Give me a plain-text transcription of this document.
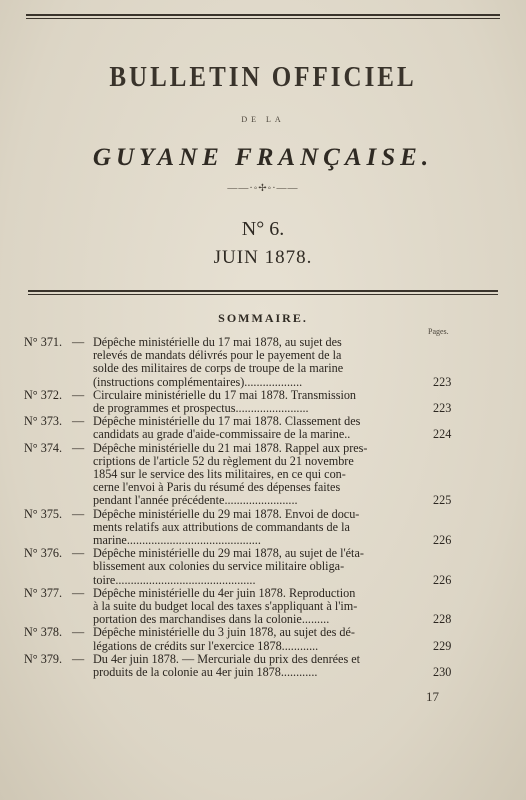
BULLETIN OFFICIEL
DE LA
GUYANE FRANÇAISE.
——·◦✢◦·——
N° 6.
JUIN 1878.
SOMMAIRE.
Pages.
N° 371. — Dépêche ministérielle du 17 mai 1878, au sujet des
relevés de mandats délivrés pour le payement de la
solde des militaires de corps de troupe de la marine
(instructions complémentaires)...................	223
N° 372. — Circulaire ministérielle du 17 mai 1878. Transmission
de programmes et prospectus........................	223
N° 373. — Dépêche ministérielle du 17 mai 1878. Classement des
candidats au grade d'aide-commissaire de la marine..	224
N° 374. — Dépêche ministérielle du 21 mai 1878. Rappel aux pres-
criptions de l'article 52 du règlement du 21 novembre
1854 sur le service des lits militaires, en ce qui con-
cerne l'envoi à Paris du résumé des dépenses faites
pendant l'année précédente........................	225
N° 375. — Dépêche ministérielle du 29 mai 1878. Envoi de docu-
ments relatifs aux attributions de commandants de la
marine............................................	226
N° 376. — Dépêche ministérielle du 29 mai 1878, au sujet de l'éta-
blissement aux colonies du service militaire obliga-
toire..............................................	226
N° 377. — Dépêche ministérielle du 4er juin 1878. Reproduction
à la suite du budget local des taxes s'appliquant à l'im-
portation des marchandises dans la colonie.........	228
N° 378. — Dépêche ministérielle du 3 juin 1878, au sujet des dé-
légations de crédits sur l'exercice 1878............	229
N° 379. — Du 4er juin 1878. — Mercuriale du prix des denrées et
produits de la colonie au 4er juin 1878............	230
17
